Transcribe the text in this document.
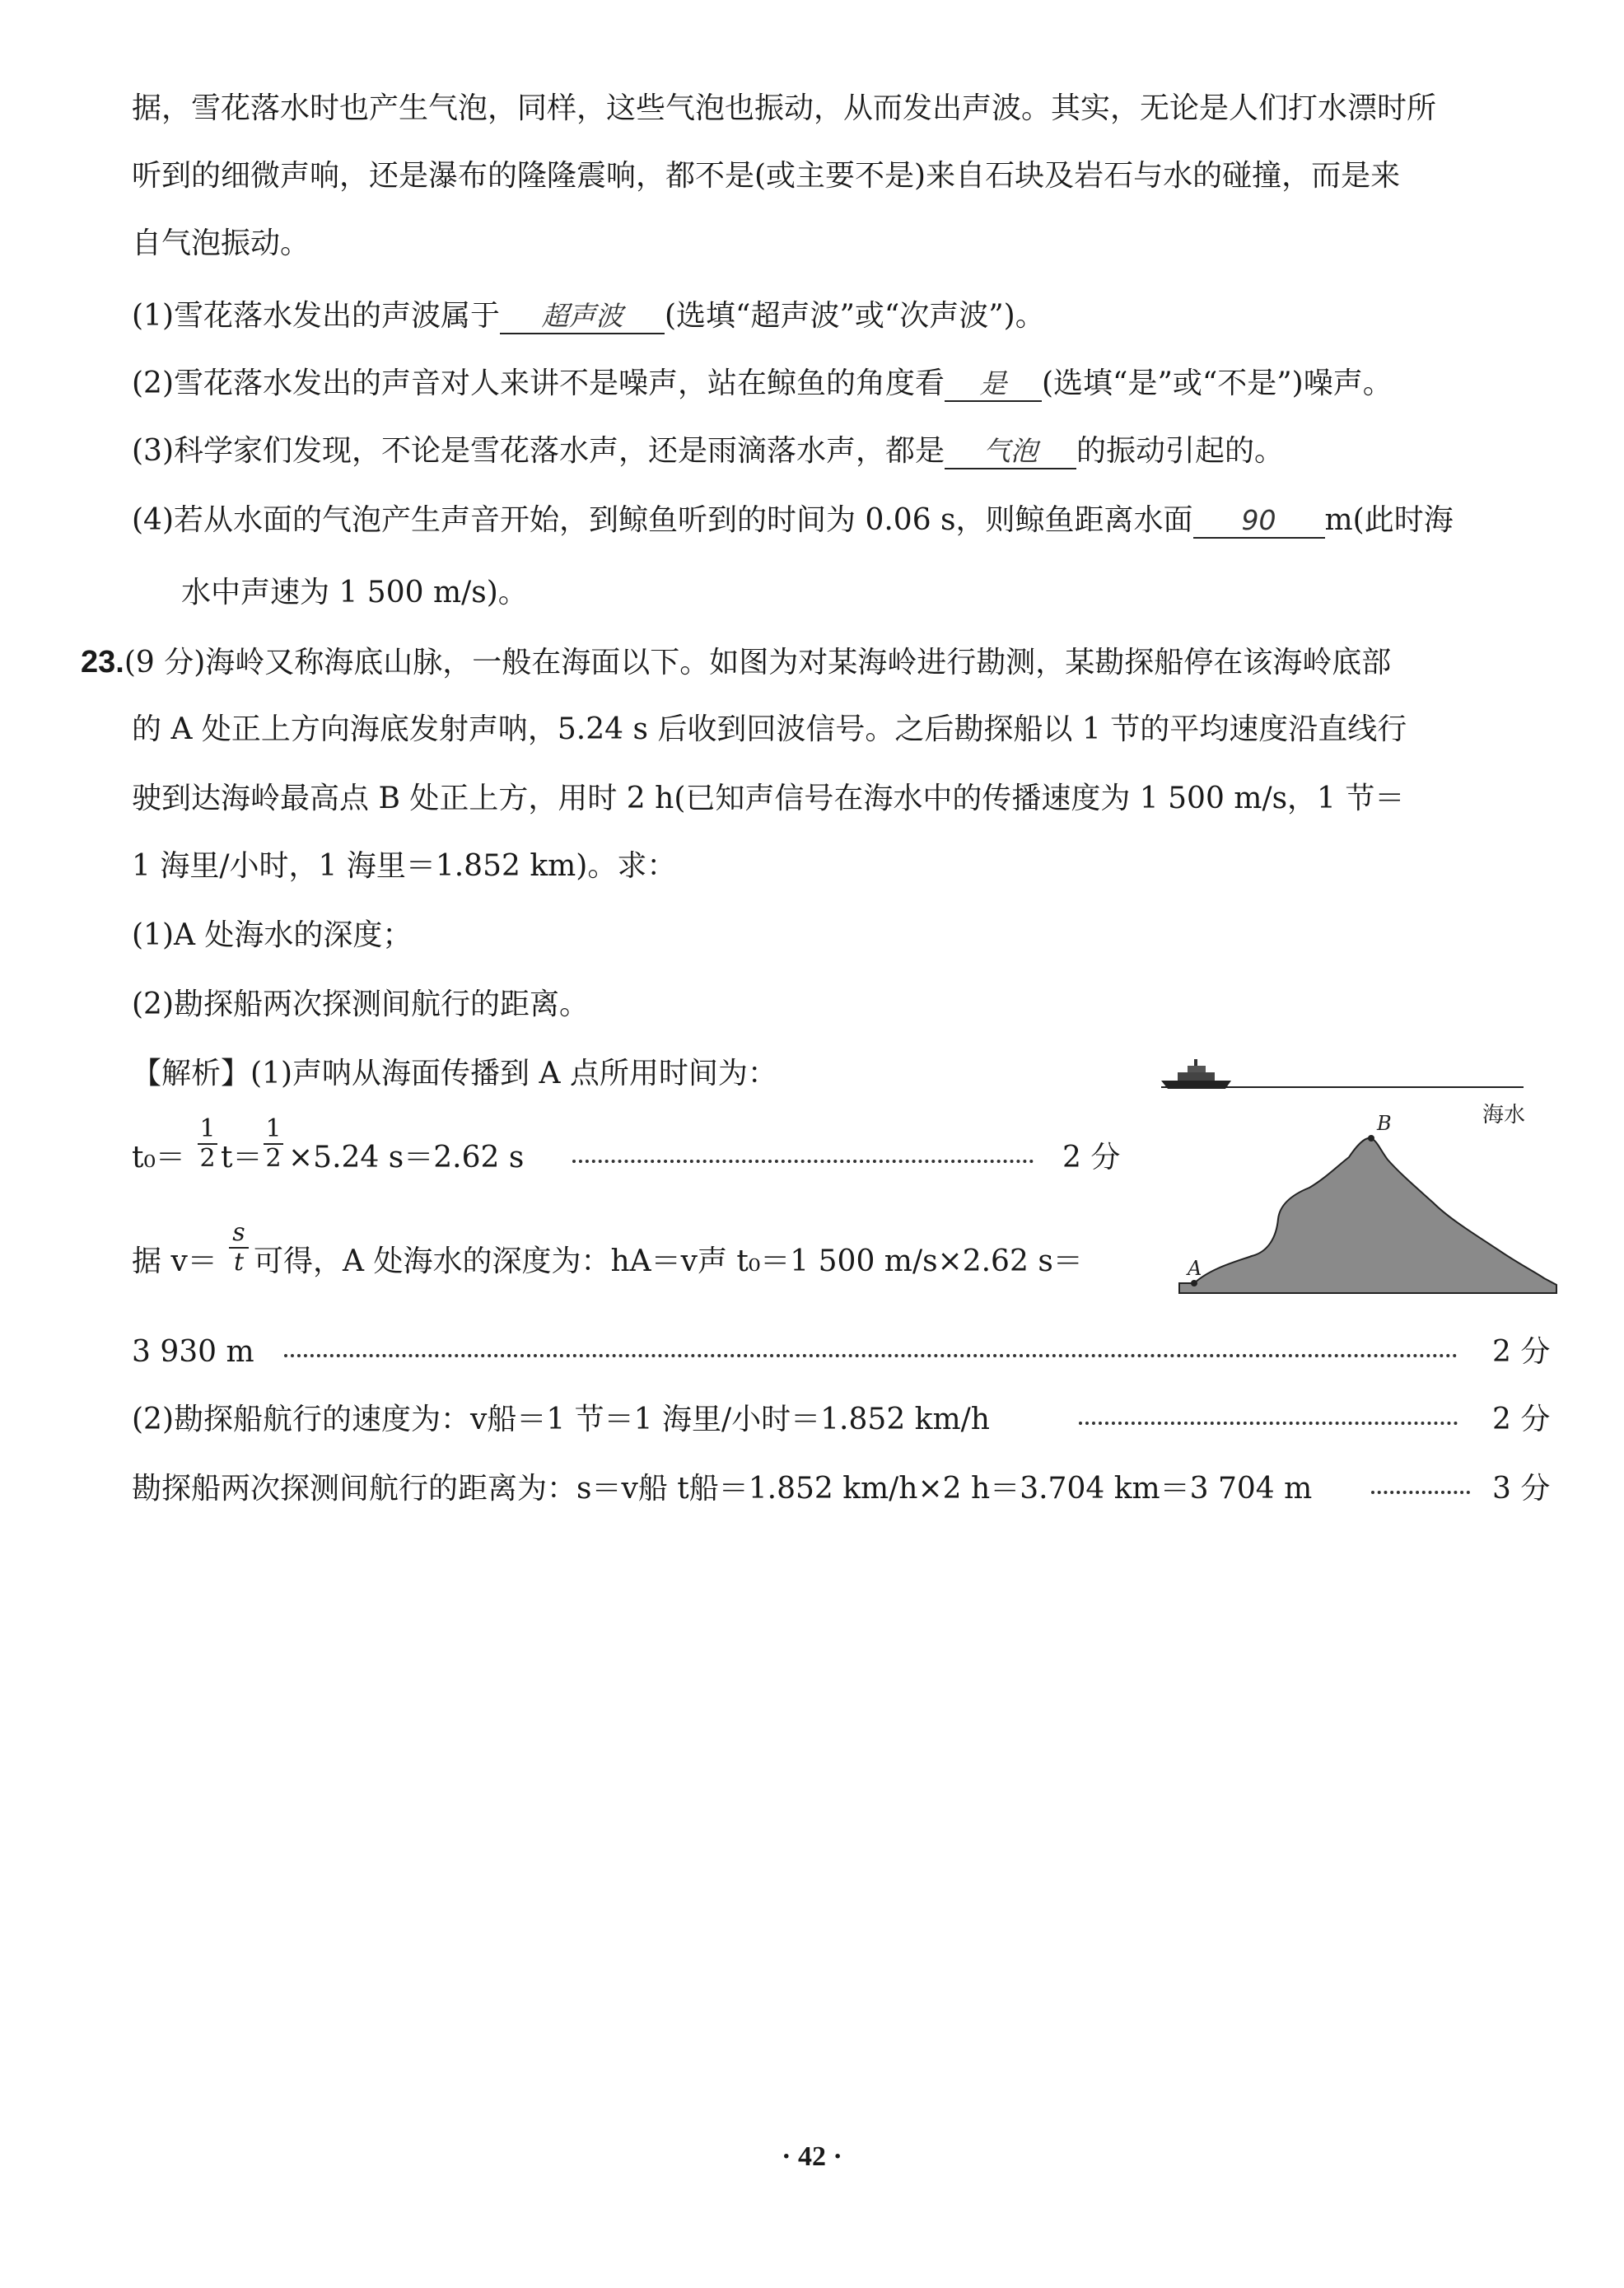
据，雪花落水时也产生气泡，同样，这些气泡也振动，从而发出声波。其实，无论是人们打水漂时所
听到的细微声响，还是瀑布的隆隆震响，都不是(或主要不是)来自石块及岩石与水的碰撞，而是来
自气泡振动。
(1)雪花落水发出的声波属于 超声波 (选填“超声波”或“次声波”)。
(2)雪花落水发出的声音对人来讲不是噪声，站在鲸鱼的角度看 是 (选填“是”或“不是”)噪声。
(3)科学家们发现，不论是雪花落水声，还是雨滴落水声，都是 气泡 的振动引起的。
(4)若从水面的气泡产生声音开始，到鲸鱼听到的时间为 0.06 s，则鲸鱼距离水面 90 m(此时海
水中声速为 1 500 m/s)。
23.(9 分)海岭又称海底山脉，一般在海面以下。如图为对某海岭进行勘测，某勘探船停在该海岭底部
的 A 处正上方向海底发射声呐，5.24 s 后收到回波信号。之后勘探船以 1 节的平均速度沿直线行
驶到达海岭最高点 B 处正上方，用时 2 h(已知声信号在海水中的传播速度为 1 500 m/s，1 节＝
1 海里/小时，1 海里＝1.852 km)。求：
(1)A 处海水的深度；
(2)勘探船两次探测间航行的距离。
【解析】(1)声呐从海面传播到 A 点所用时间为：
t₀＝
1
2 t＝
1
2 ×5.24 s＝2.62 s	2 分
据 v＝
s
t 可得，A 处海水的深度为：hA＝v声 t₀＝1 500 m/s×2.62 s＝
3 930 m	2 分
(2)勘探船航行的速度为：v船＝1 节＝1 海里/小时＝1.852 km/h	2 分
勘探船两次探测间航行的距离为：s＝v船 t船＝1.852 km/h×2 h＝3.704 km＝3 704 m	3 分
海水
A
B
· 42 ·
